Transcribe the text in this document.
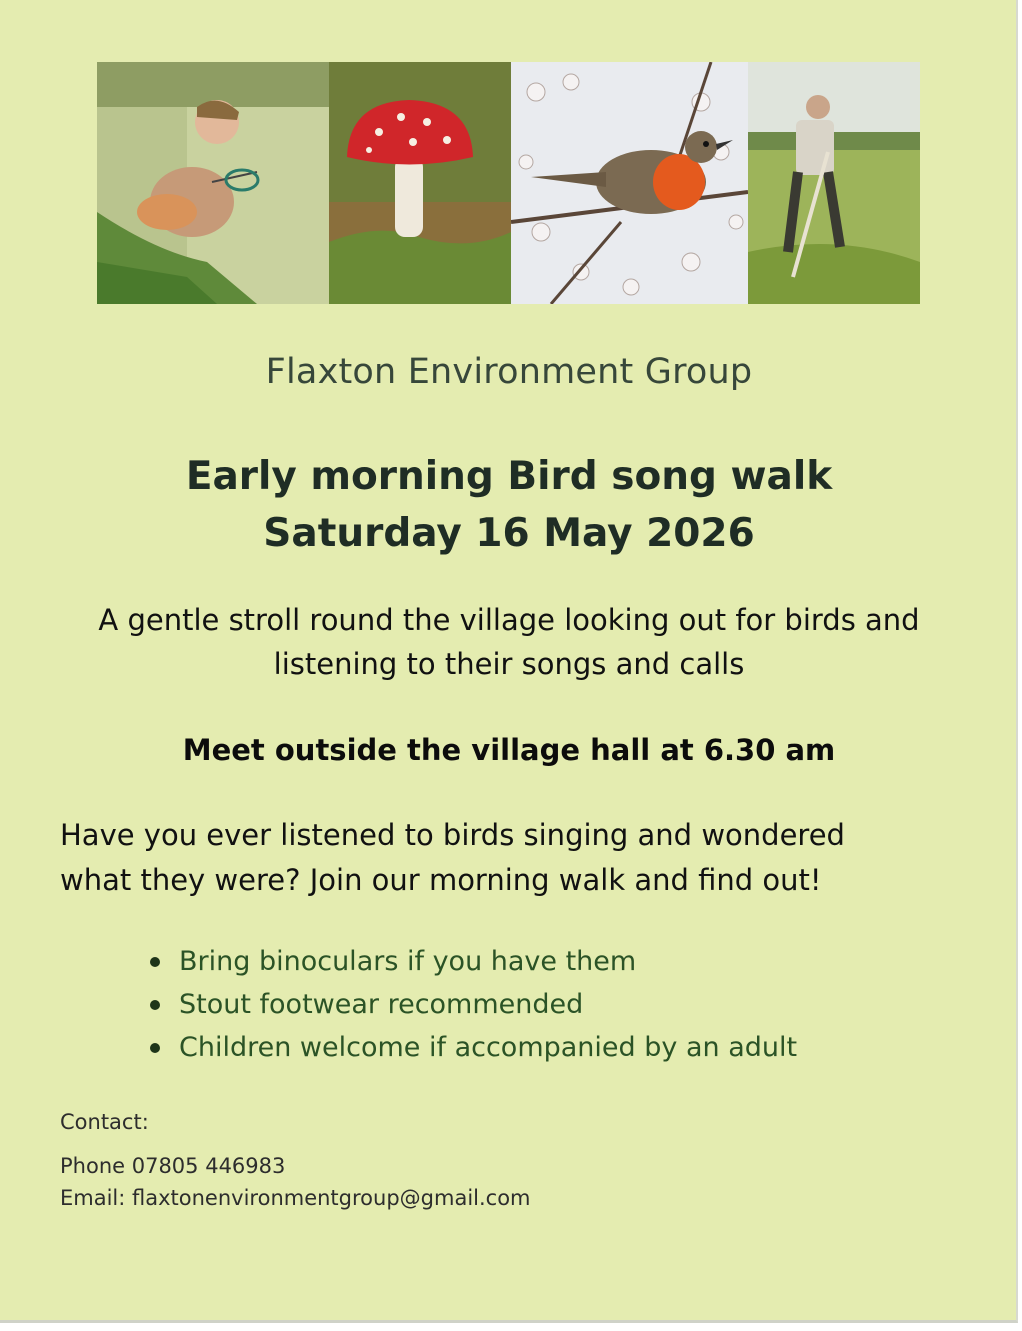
Flaxton Environment Group
Early morning Bird song walk
Saturday 16 May 2026
A gentle stroll round the village looking out for birds and
listening to their songs and calls
Meet outside the village hall at 6.30 am
Have you ever listened to birds singing and wondered
what they were? Join our morning walk and find out!
Bring binoculars if you have them
Stout footwear recommended
Children welcome if accompanied by an adult
Contact:
Phone 07805 446983
Email: flaxtonenvironmentgroup@gmail.com
